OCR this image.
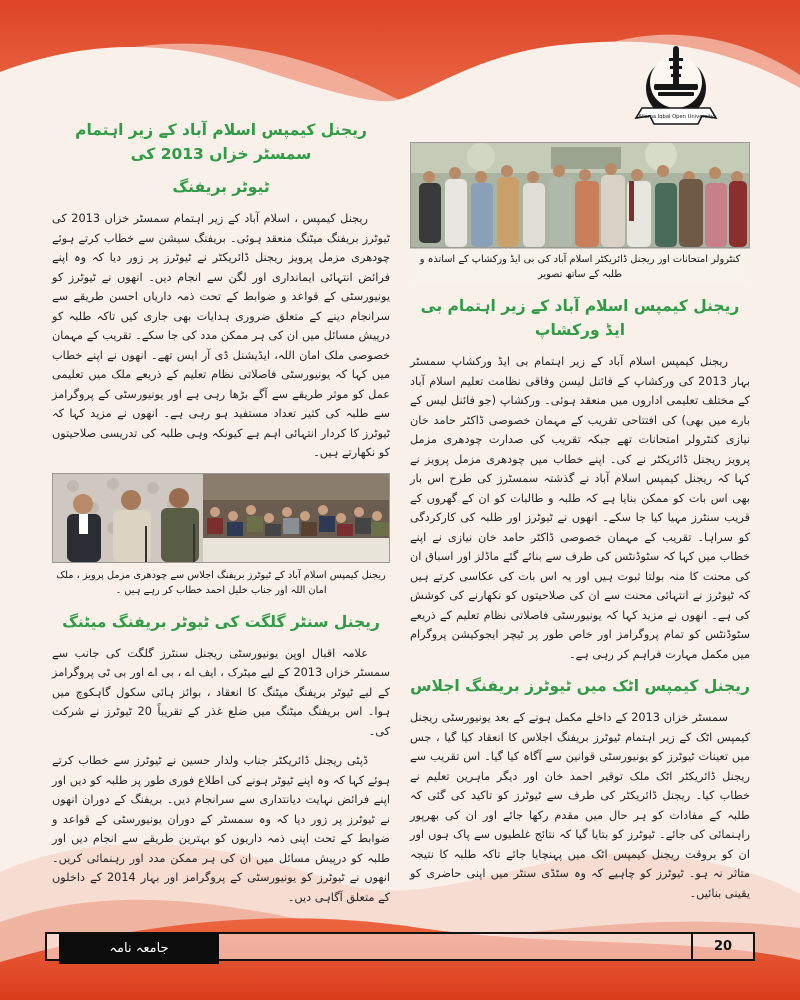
Allama Iqbal Open University
ریجنل کیمپس اسلام آباد کے زیر اہتمام سمسٹر خزاں 2013 کی
ٹیوٹر بریفنگ

ریجنل کیمپس ، اسلام آباد کے زیر اہتمام سمسٹر خزاں 2013 کی ٹیوٹرز بریفنگ میٹنگ منعقد ہوئی۔ بریفنگ سیشن سے خطاب کرتے ہوئے چودھری مزمل پرویز ریجنل ڈائریکٹر نے ٹیوٹرز پر زور دیا کہ وہ اپنے فرائض انتہائی ایمانداری اور لگن سے انجام دیں۔ انھوں نے ٹیوٹرز کو یونیورسٹی کے قواعد و ضوابط کے تحت ذمہ داریاں احسن طریقے سے سرانجام دینے کے متعلق ضروری ہدایات بھی جاری کیں تاکہ طلبہ کو درپیش مسائل میں ان کی ہر ممکن مدد کی جا سکے۔ تقریب کے مہمان خصوصی ملک امان اللہ، ایڈیشنل ڈی آر ایس تھے۔ انھوں نے اپنے خطاب میں کہا کہ یونیورسٹی فاصلاتی نظام تعلیم کے ذریعے ملک میں تعلیمی عمل کو موثر طریقے سے آگے بڑھا رہی ہے اور یونیورسٹی کے پروگرامز سے طلبہ کی کثیر تعداد مستفید ہو رہی ہے۔ انھوں نے مزید کہا کہ ٹیوٹرز کا کردار انتہائی اہم ہے کیونکہ وہی طلبہ کی تدریسی صلاحیتوں کو نکھارتے ہیں۔

ریجنل کیمپس اسلام آباد کے ٹیوٹرز بریفنگ اجلاس سے چودھری مزمل پرویز ، ملک امان اللہ اور جناب خلیل احمد خطاب کر رہے ہیں ۔
ریجنل سنٹر گلگت کی ٹیوٹر بریفنگ میٹنگ

علامہ اقبال اوپن یونیورسٹی ریجنل سنٹرز گلگت کی جانب سے سمسٹر خزاں 2013 کے لیے میٹرک ، ایف اے ، بی اے اور بی ٹی پروگرامز کے لیے ٹیوٹر بریفنگ میٹنگ کا انعقاد ، بوائز ہائی سکول گاہکوچ میں ہوا۔ اس بریفنگ میٹنگ میں ضلع غذر کے تقریباً 20 ٹیوٹرز نے شرکت کی۔

ڈپٹی ریجنل ڈائریکٹر جناب ولدار حسین نے ٹیوٹرز سے خطاب کرتے ہوئے کہا کہ وہ اپنے ٹیوٹر ہونے کی اطلاع فوری طور پر طلبہ کو دیں اور اپنے فرائض نہایت دیانتداری سے سرانجام دیں۔ بریفنگ کے دوران انھوں نے ٹیوٹرز پر زور دیا کہ وہ سمسٹر کے دوران یونیورسٹی کے قواعد و ضوابط کے تحت اپنی ذمہ داریوں کو بہترین طریقے سے انجام دیں اور طلبہ کو درپیش مسائل میں ان کی ہر ممکن مدد اور رہنمائی کریں۔ انھوں نے ٹیوٹرز کو یونیورسٹی کے پروگرامز اور بہار 2014 کے داخلوں کے متعلق آگاہی دیں۔

کنٹرولر امتحانات اور ریجنل ڈائریکٹر اسلام آباد کی بی ایڈ ورکشاپ کے اساتذہ و طلبہ کے ساتھ تصویر
ریجنل کیمپس اسلام آباد کے زیر اہتمام بی ایڈ ورکشاپ

ریجنل کیمپس اسلام آباد کے زیر اہتمام بی ایڈ ورکشاپ سمسٹر بہار 2013 کی ورکشاپ کے فائنل لیسن وفاقی نظامت تعلیم اسلام آباد کے مختلف تعلیمی اداروں میں منعقد ہوئی۔ ورکشاپ (جو فائنل لیس کے بارے میں بھی) کی افتتاحی تقریب کے مہمان خصوصی ڈاکٹر حامد خان نیازی کنٹرولر امتحانات تھے جبکہ تقریب کی صدارت چودھری مزمل پرویز ریجنل ڈائریکٹر نے کی۔ اپنے خطاب میں چودھری مزمل پرویز نے کہا کہ ریجنل کیمپس اسلام آباد نے گذشتہ سمسٹرز کی طرح اس بار بھی اس بات کو ممکن بنایا ہے کہ طلبہ و طالبات کو ان کے گھروں کے قریب سنٹرز مہیا کیا جا سکے۔ انھوں نے ٹیوٹرز اور طلبہ کی کارکردگی کو سراہا۔ تقریب کے مہمان خصوصی ڈاکٹر حامد خان نیازی نے اپنے خطاب میں کہا کہ سٹوڈنٹس کی طرف سے بنائے گئے ماڈلز اور اسباق ان کی محنت کا منہ بولتا ثبوت ہیں اور یہ اس بات کی عکاسی کرتے ہیں کہ ٹیوٹرز نے انتہائی محنت سے ان کی صلاحیتوں کو نکھارنے کی کوشش کی ہے۔ انھوں نے مزید کہا کہ یونیورسٹی فاصلاتی نظام تعلیم کے ذریعے سٹوڈنٹس کو تمام پروگرامز اور خاص طور پر ٹیچر ایجوکیشن پروگرام میں مکمل مہارت فراہم کر رہی ہے۔

ریجنل کیمپس اٹک میں ٹیوٹرز بریفنگ اجلاس

سمسٹر خزاں 2013 کے داخلے مکمل ہونے کے بعد یونیورسٹی ریجنل کیمپس اٹک کے زیر اہتمام ٹیوٹرز بریفنگ اجلاس کا انعقاد کیا گیا ، جس میں تعینات ٹیوٹرز کو یونیورسٹی قوانین سے آگاہ کیا گیا۔ اس تقریب سے ریجنل ڈائریکٹر اٹک ملک توقیر احمد خان اور دیگر ماہرین تعلیم نے خطاب کیا۔ ریجنل ڈائریکٹر کی طرف سے ٹیوٹرز کو تاکید کی گئی کہ طلبہ کے مفادات کو ہر حال میں مقدم رکھا جائے اور ان کی بھرپور راہنمائی کی جائے۔ ٹیوٹرز کو بتایا گیا کہ نتائج غلطیوں سے پاک ہوں اور ان کو بروقت ریجنل کیمپس اٹک میں پہنچایا جائے تاکہ طلبہ کا نتیجہ متاثر نہ ہو۔ ٹیوٹرز کو چاہیے کہ وہ سٹڈی سنٹر میں اپنی حاضری کو یقینی بنائیں۔

جامعہ نامہ	20
